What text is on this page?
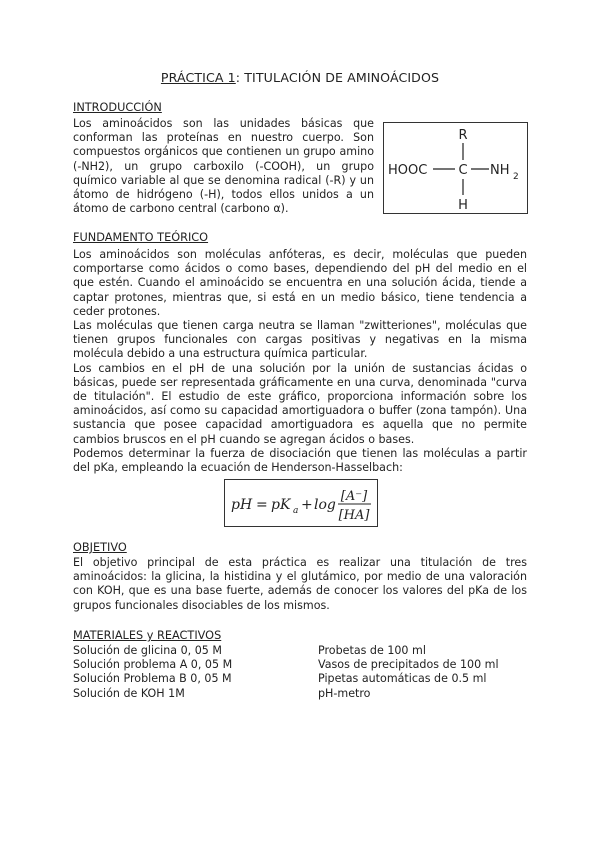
PRÁCTICA 1: TITULACIÓN DE AMINOÁCIDOS
INTRODUCCIÓN

Los aminoácidos son las unidades básicas que conforman las proteínas en nuestro cuerpo. Son compuestos orgánicos que contienen un grupo amino (-NH2), un grupo carboxilo (-COOH), un grupo químico variable al que se denomina radical (-R) y un átomo de hidrógeno (-H), todos ellos unidos a un átomo de carbono central (carbono α).

R
HOOC C NH 2
H
FUNDAMENTO TEÓRICO

Los aminoácidos son moléculas anfóteras, es decir, moléculas que pueden comportarse como ácidos o como bases, dependiendo del pH del medio en el que estén. Cuando el aminoácido se encuentra en una solución ácida, tiende a captar protones, mientras que, si está en un medio básico, tiene tendencia a ceder protones.

Las moléculas que tienen carga neutra se llaman "zwitteriones", moléculas que tienen grupos funcionales con cargas positivas y negativas en la misma molécula debido a una estructura química particular.

Los cambios en el pH de una solución por la unión de sustancias ácidas o básicas, puede ser representada gráficamente en una curva, denominada "curva de titulación". El estudio de este gráfico, proporciona información sobre los aminoácidos, así como su capacidad amortiguadora o buffer (zona tampón). Una sustancia que posee capacidad amortiguadora es aquella que no permite cambios bruscos en el pH cuando se agregan ácidos o bases.

Podemos determinar la fuerza de disociación que tienen las moléculas a partir del pKa, empleando la ecuación de Henderson-Hasselbach:

pH = pK a + log
[A⁻]
[HA]
OBJETIVO

El objetivo principal de esta práctica es realizar una titulación de tres aminoácidos: la glicina, la histidina y el glutámico, por medio de una valoración con KOH, que es una base fuerte, además de conocer los valores del pKa de los grupos funcionales disociables de los mismos.

MATERIALES y REACTIVOS
Solución de glicina 0, 05 M
Solución problema A 0, 05 M
Solución Problema B 0, 05 M
Solución de KOH 1M
Probetas de 100 ml
Vasos de precipitados de 100 ml
Pipetas automáticas de 0.5 ml
pH-metro
